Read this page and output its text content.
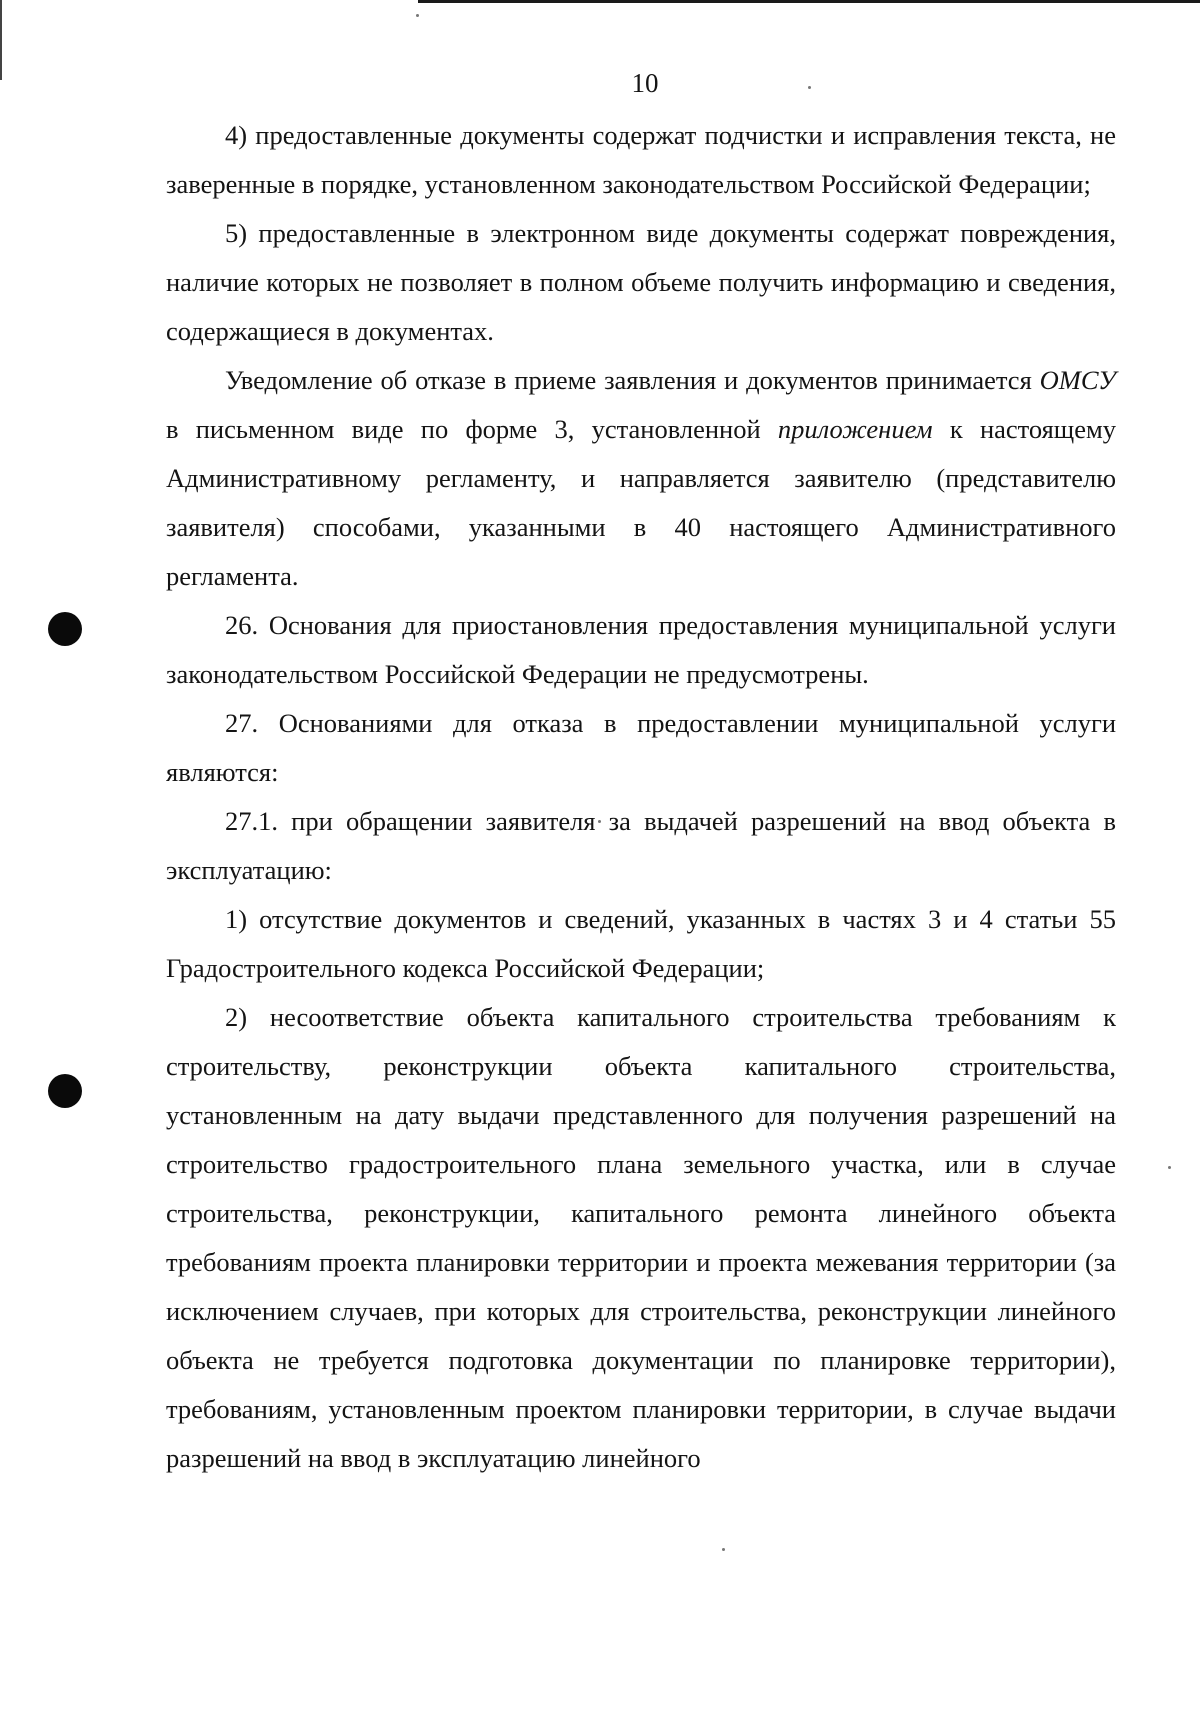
10

4) предоставленные документы содержат подчистки и исправления текста, не заверенные в порядке, установленном законодательством Российской Федерации;

5) предоставленные в электронном виде документы содержат повреждения, наличие которых не позволяет в полном объеме получить информацию и сведения, содержащиеся в документах.

Уведомление об отказе в приеме заявления и документов принимается ОМСУ в письменном виде по форме 3, установленной приложением к настоящему Административному регламенту, и направляется заявителю (представителю заявителя) способами, указанными в 40 настоящего Административного регламента.

26. Основания для приостановления предоставления муниципальной услуги законодательством Российской Федерации не предусмотрены.

27. Основаниями для отказа в предоставлении муниципальной услуги являются:

27.1. при обращении заявителя за выдачей разрешений на ввод объекта в эксплуатацию:

1) отсутствие документов и сведений, указанных в частях 3 и 4 статьи 55 Градостроительного кодекса Российской Федерации;

2) несоответствие объекта капитального строительства требованиям к строительству, реконструкции объекта капитального строительства, установленным на дату выдачи представленного для получения разрешений на строительство градостроительного плана земельного участка, или в случае строительства, реконструкции, капитального ремонта линейного объекта требованиям проекта планировки территории и проекта межевания территории (за исключением случаев, при которых для строительства, реконструкции линейного объекта не требуется подготовка документации по планировке территории), требованиям, установленным проектом планировки территории, в случае выдачи разрешений на ввод в эксплуатацию линейного
